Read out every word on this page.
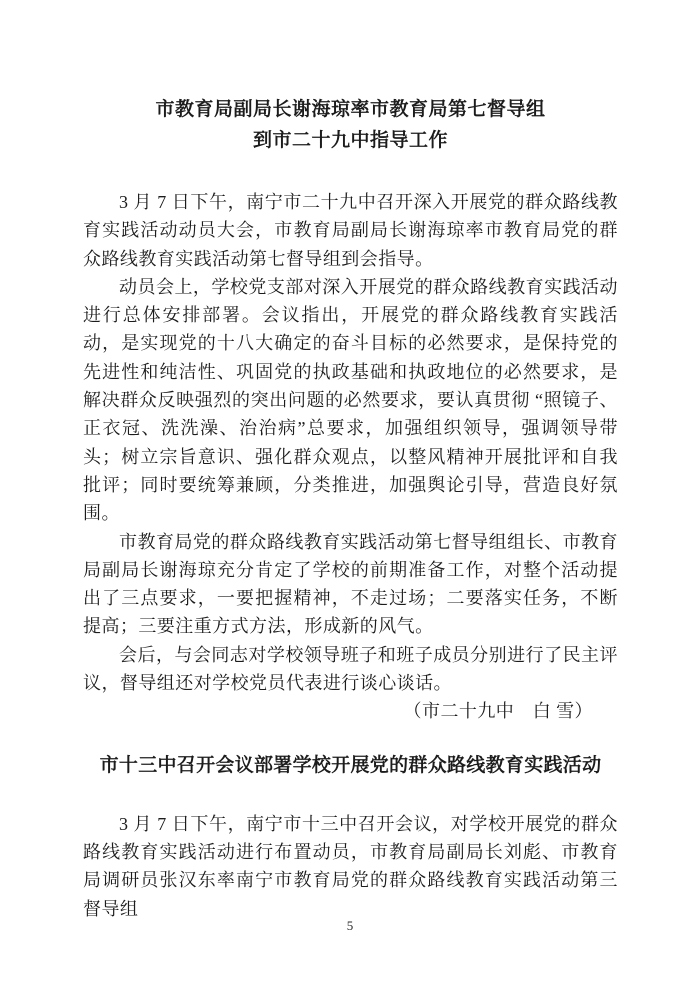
市教育局副局长谢海琼率市教育局第七督导组
到市二十九中指导工作

3 月 7 日下午，南宁市二十九中召开深入开展党的群众路线教育实践活动动员大会，市教育局副局长谢海琼率市教育局党的群众路线教育实践活动第七督导组到会指导。

动员会上，学校党支部对深入开展党的群众路线教育实践活动进行总体安排部署。会议指出，开展党的群众路线教育实践活动，是实现党的十八大确定的奋斗目标的必然要求，是保持党的先进性和纯洁性、巩固党的执政基础和执政地位的必然要求，是解决群众反映强烈的突出问题的必然要求，要认真贯彻 “照镜子、正衣冠、洗洗澡、治治病”总要求，加强组织领导，强调领导带头；树立宗旨意识、强化群众观点，以整风精神开展批评和自我批评；同时要统筹兼顾，分类推进，加强舆论引导，营造良好氛围。

市教育局党的群众路线教育实践活动第七督导组组长、市教育局副局长谢海琼充分肯定了学校的前期准备工作，对整个活动提出了三点要求，一要把握精神，不走过场；二要落实任务，不断提高；三要注重方式方法，形成新的风气。

会后，与会同志对学校领导班子和班子成员分别进行了民主评议，督导组还对学校党员代表进行谈心谈话。

（市二十九中　白 雪）
市十三中召开会议部署学校开展党的群众路线教育实践活动

3 月 7 日下午，南宁市十三中召开会议，对学校开展党的群众路线教育实践活动进行布置动员，市教育局副局长刘彪、市教育局调研员张汉东率南宁市教育局党的群众路线教育实践活动第三督导组

5
